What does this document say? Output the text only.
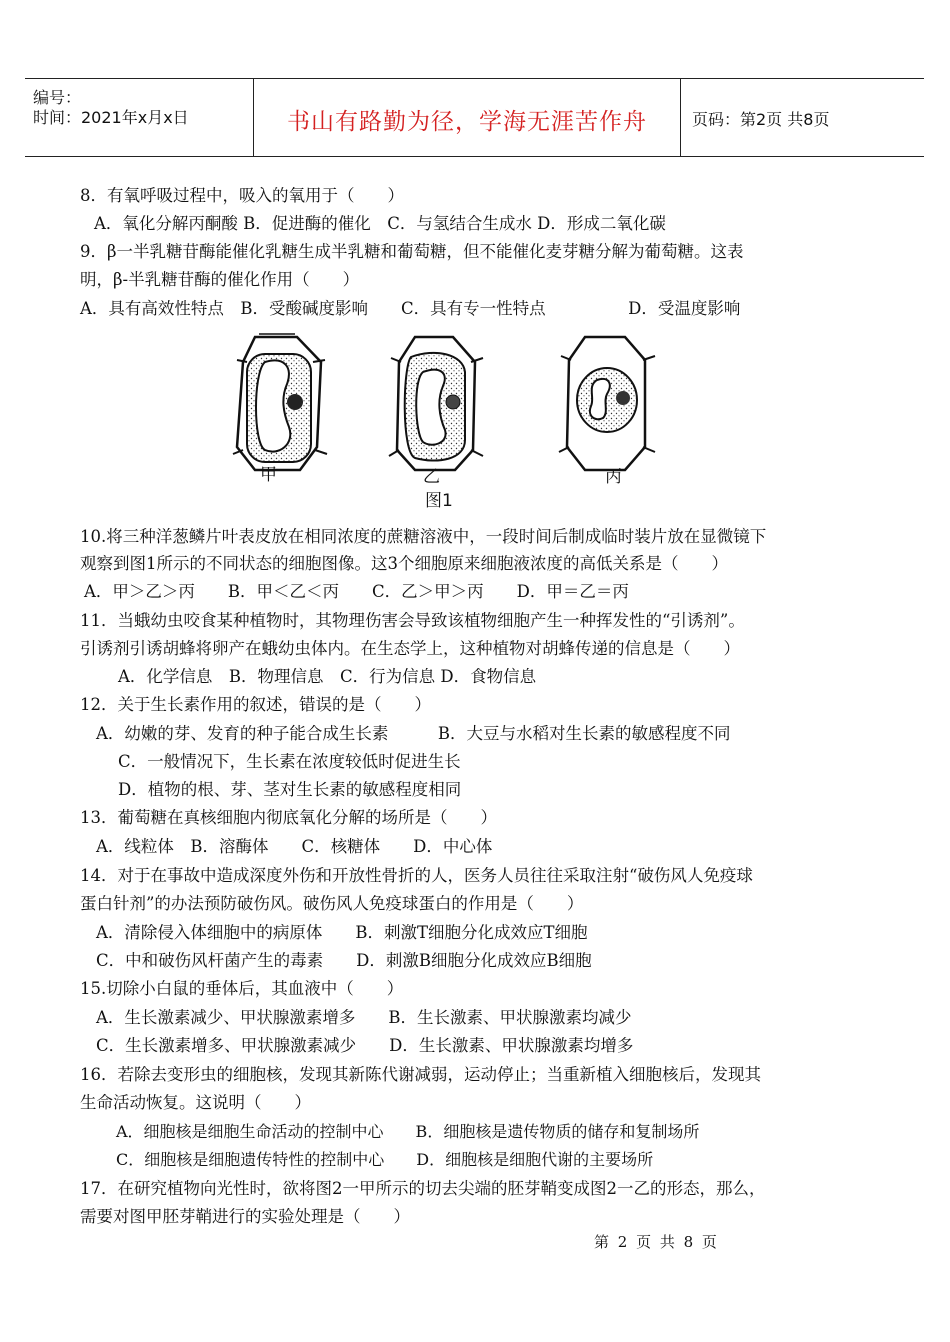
编号：
时间：2021年x月x日	书山有路勤为径，学海无涯苦作舟	页码：第2页 共8页
8．有氧呼吸过程中，吸入的氧用于（　　）
A．氧化分解丙酮酸 B．促进酶的催化　C．与氢结合生成水 D．形成二氧化碳
9．β一半乳糖苷酶能催化乳糖生成半乳糖和葡萄糖，但不能催化麦芽糖分解为葡萄糖。这表
明，β-半乳糖苷酶的催化作用（　　）
A．具有高效性特点　B．受酸碱度影响　　C．具有专一性特点　　　　　D．受温度影响
甲	乙	丙
图1
10.将三种洋葱鳞片叶表皮放在相同浓度的蔗糖溶液中，一段时间后制成临时装片放在显微镜下
观察到图1所示的不同状态的细胞图像。这3个细胞原来细胞液浓度的高低关系是（　　）
A．甲＞乙＞丙　　B．甲＜乙＜丙　　C．乙＞甲＞丙　　D．甲＝乙＝丙
11．当蛾幼虫咬食某种植物时，其物理伤害会导致该植物细胞产生一种挥发性的“引诱剂”。
引诱剂引诱胡蜂将卵产在蛾幼虫体内。在生态学上，这种植物对胡蜂传递的信息是（　　）
A．化学信息　B．物理信息　C．行为信息 D．食物信息
12．关于生长素作用的叙述，错误的是（　　）
A．幼嫩的芽、发育的种子能合成生长素　　　B．大豆与水稻对生长素的敏感程度不同
C．一般情况下，生长素在浓度较低时促进生长
D．植物的根、芽、茎对生长素的敏感程度相同
13．葡萄糖在真核细胞内彻底氧化分解的场所是（　　）
A．线粒体　B．溶酶体　　C．核糖体　　D．中心体
14．对于在事故中造成深度外伤和开放性骨折的人，医务人员往往采取注射“破伤风人免疫球
蛋白针剂”的办法预防破伤风。破伤风人免疫球蛋白的作用是（　　）
A．清除侵入体细胞中的病原体　　B．刺激T细胞分化成效应T细胞
C．中和破伤风杆菌产生的毒素　　D．刺激B细胞分化成效应B细胞
15.切除小白鼠的垂体后，其血液中（　　）
A．生长激素减少、甲状腺激素增多　　B．生长激素、甲状腺激素均减少
C．生长激素增多、甲状腺激素减少　　D．生长激素、甲状腺激素均增多
16．若除去变形虫的细胞核，发现其新陈代谢减弱，运动停止；当重新植入细胞核后，发现其
生命活动恢复。这说明（　　）
A．细胞核是细胞生命活动的控制中心　　B．细胞核是遗传物质的储存和复制场所
C．细胞核是细胞遗传特性的控制中心　　D．细胞核是细胞代谢的主要场所
17．在研究植物向光性时，欲将图2一甲所示的切去尖端的胚芽鞘变成图2一乙的形态，那么，
需要对图甲胚芽鞘进行的实验处理是（　　）
第 2 页 共 8 页
